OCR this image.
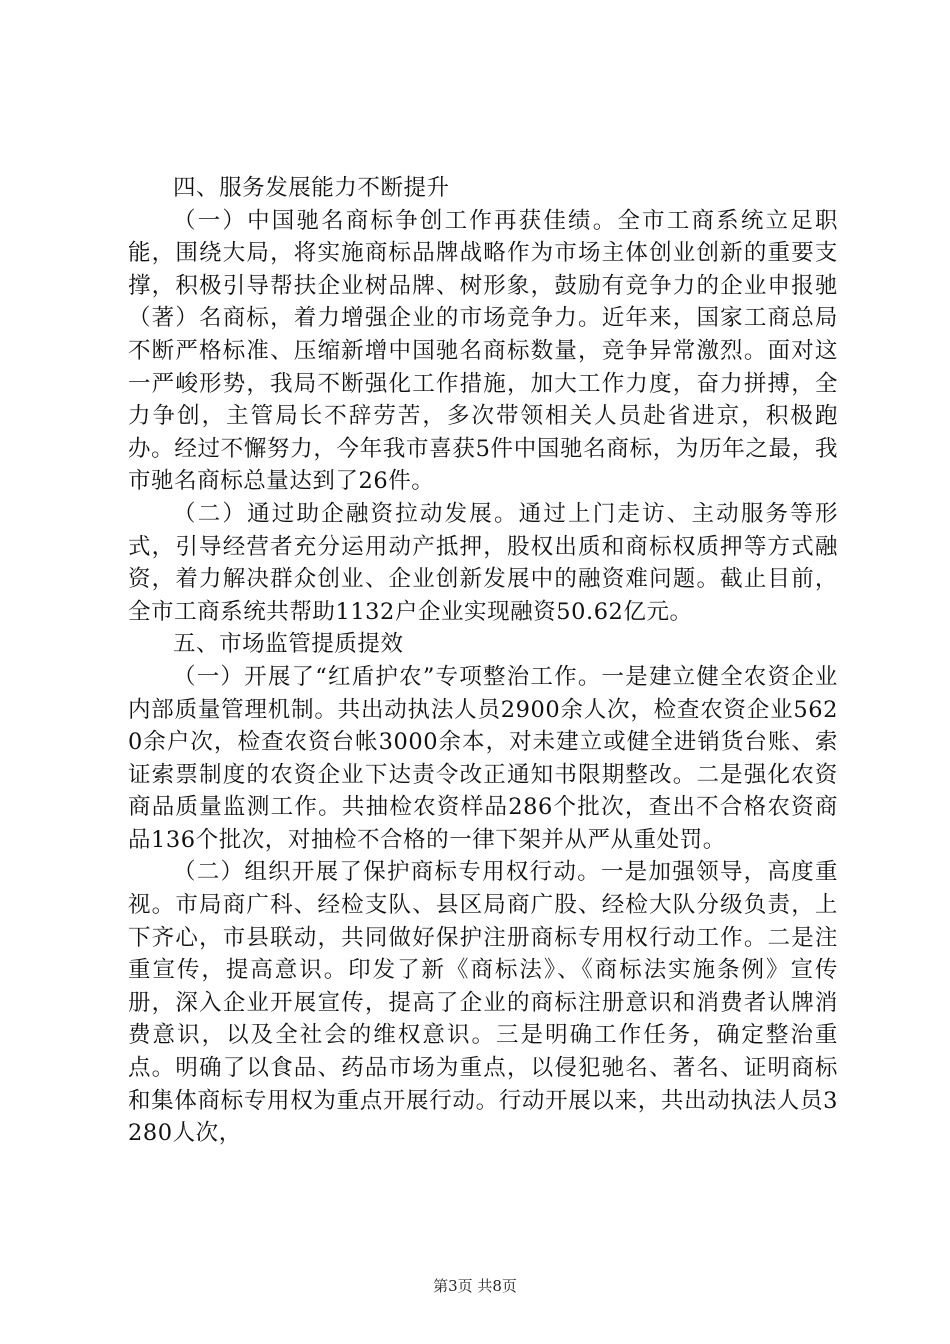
四、服务发展能力不断提升

（一）中国驰名商标争创工作再获佳绩。全市工商系统立足职能，围绕大局，将实施商标品牌战略作为市场主体创业创新的重要支撑，积极引导帮扶企业树品牌、树形象，鼓励有竞争力的企业申报驰（著）名商标，着力增强企业的市场竞争力。近年来，国家工商总局不断严格标准、压缩新增中国驰名商标数量，竞争异常激烈。面对这一严峻形势，我局不断强化工作措施，加大工作力度，奋力拼搏，全力争创，主管局长不辞劳苦，多次带领相关人员赴省进京，积极跑办。经过不懈努力，今年我市喜获5件中国驰名商标，为历年之最，我市驰名商标总量达到了26件。

（二）通过助企融资拉动发展。通过上门走访、主动服务等形式，引导经营者充分运用动产抵押，股权出质和商标权质押等方式融资，着力解决群众创业、企业创新发展中的融资难问题。截止目前，全市工商系统共帮助1132户企业实现融资50.62亿元。

五、市场监管提质提效

（一）开展了“红盾护农”专项整治工作。一是建立健全农资企业内部质量管理机制。共出动执法人员2900余人次，检查农资企业5620余户次，检查农资台帐3000余本，对未建立或健全进销货台账、索证索票制度的农资企业下达责令改正通知书限期整改。二是强化农资商品质量监测工作。共抽检农资样品286个批次，查出不合格农资商品136个批次，对抽检不合格的一律下架并从严从重处罚。

（二）组织开展了保护商标专用权行动。一是加强领导，高度重视。市局商广科、经检支队、县区局商广股、经检大队分级负责，上下齐心，市县联动，共同做好保护注册商标专用权行动工作。二是注重宣传，提高意识。印发了新《商标法》、《商标法实施条例》宣传册，深入企业开展宣传，提高了企业的商标注册意识和消费者认牌消费意识，以及全社会的维权意识。三是明确工作任务，确定整治重点。明确了以食品、药品市场为重点，以侵犯驰名、著名、证明商标和集体商标专用权为重点开展行动。行动开展以来，共出动执法人员3280人次，

第3页 共8页
